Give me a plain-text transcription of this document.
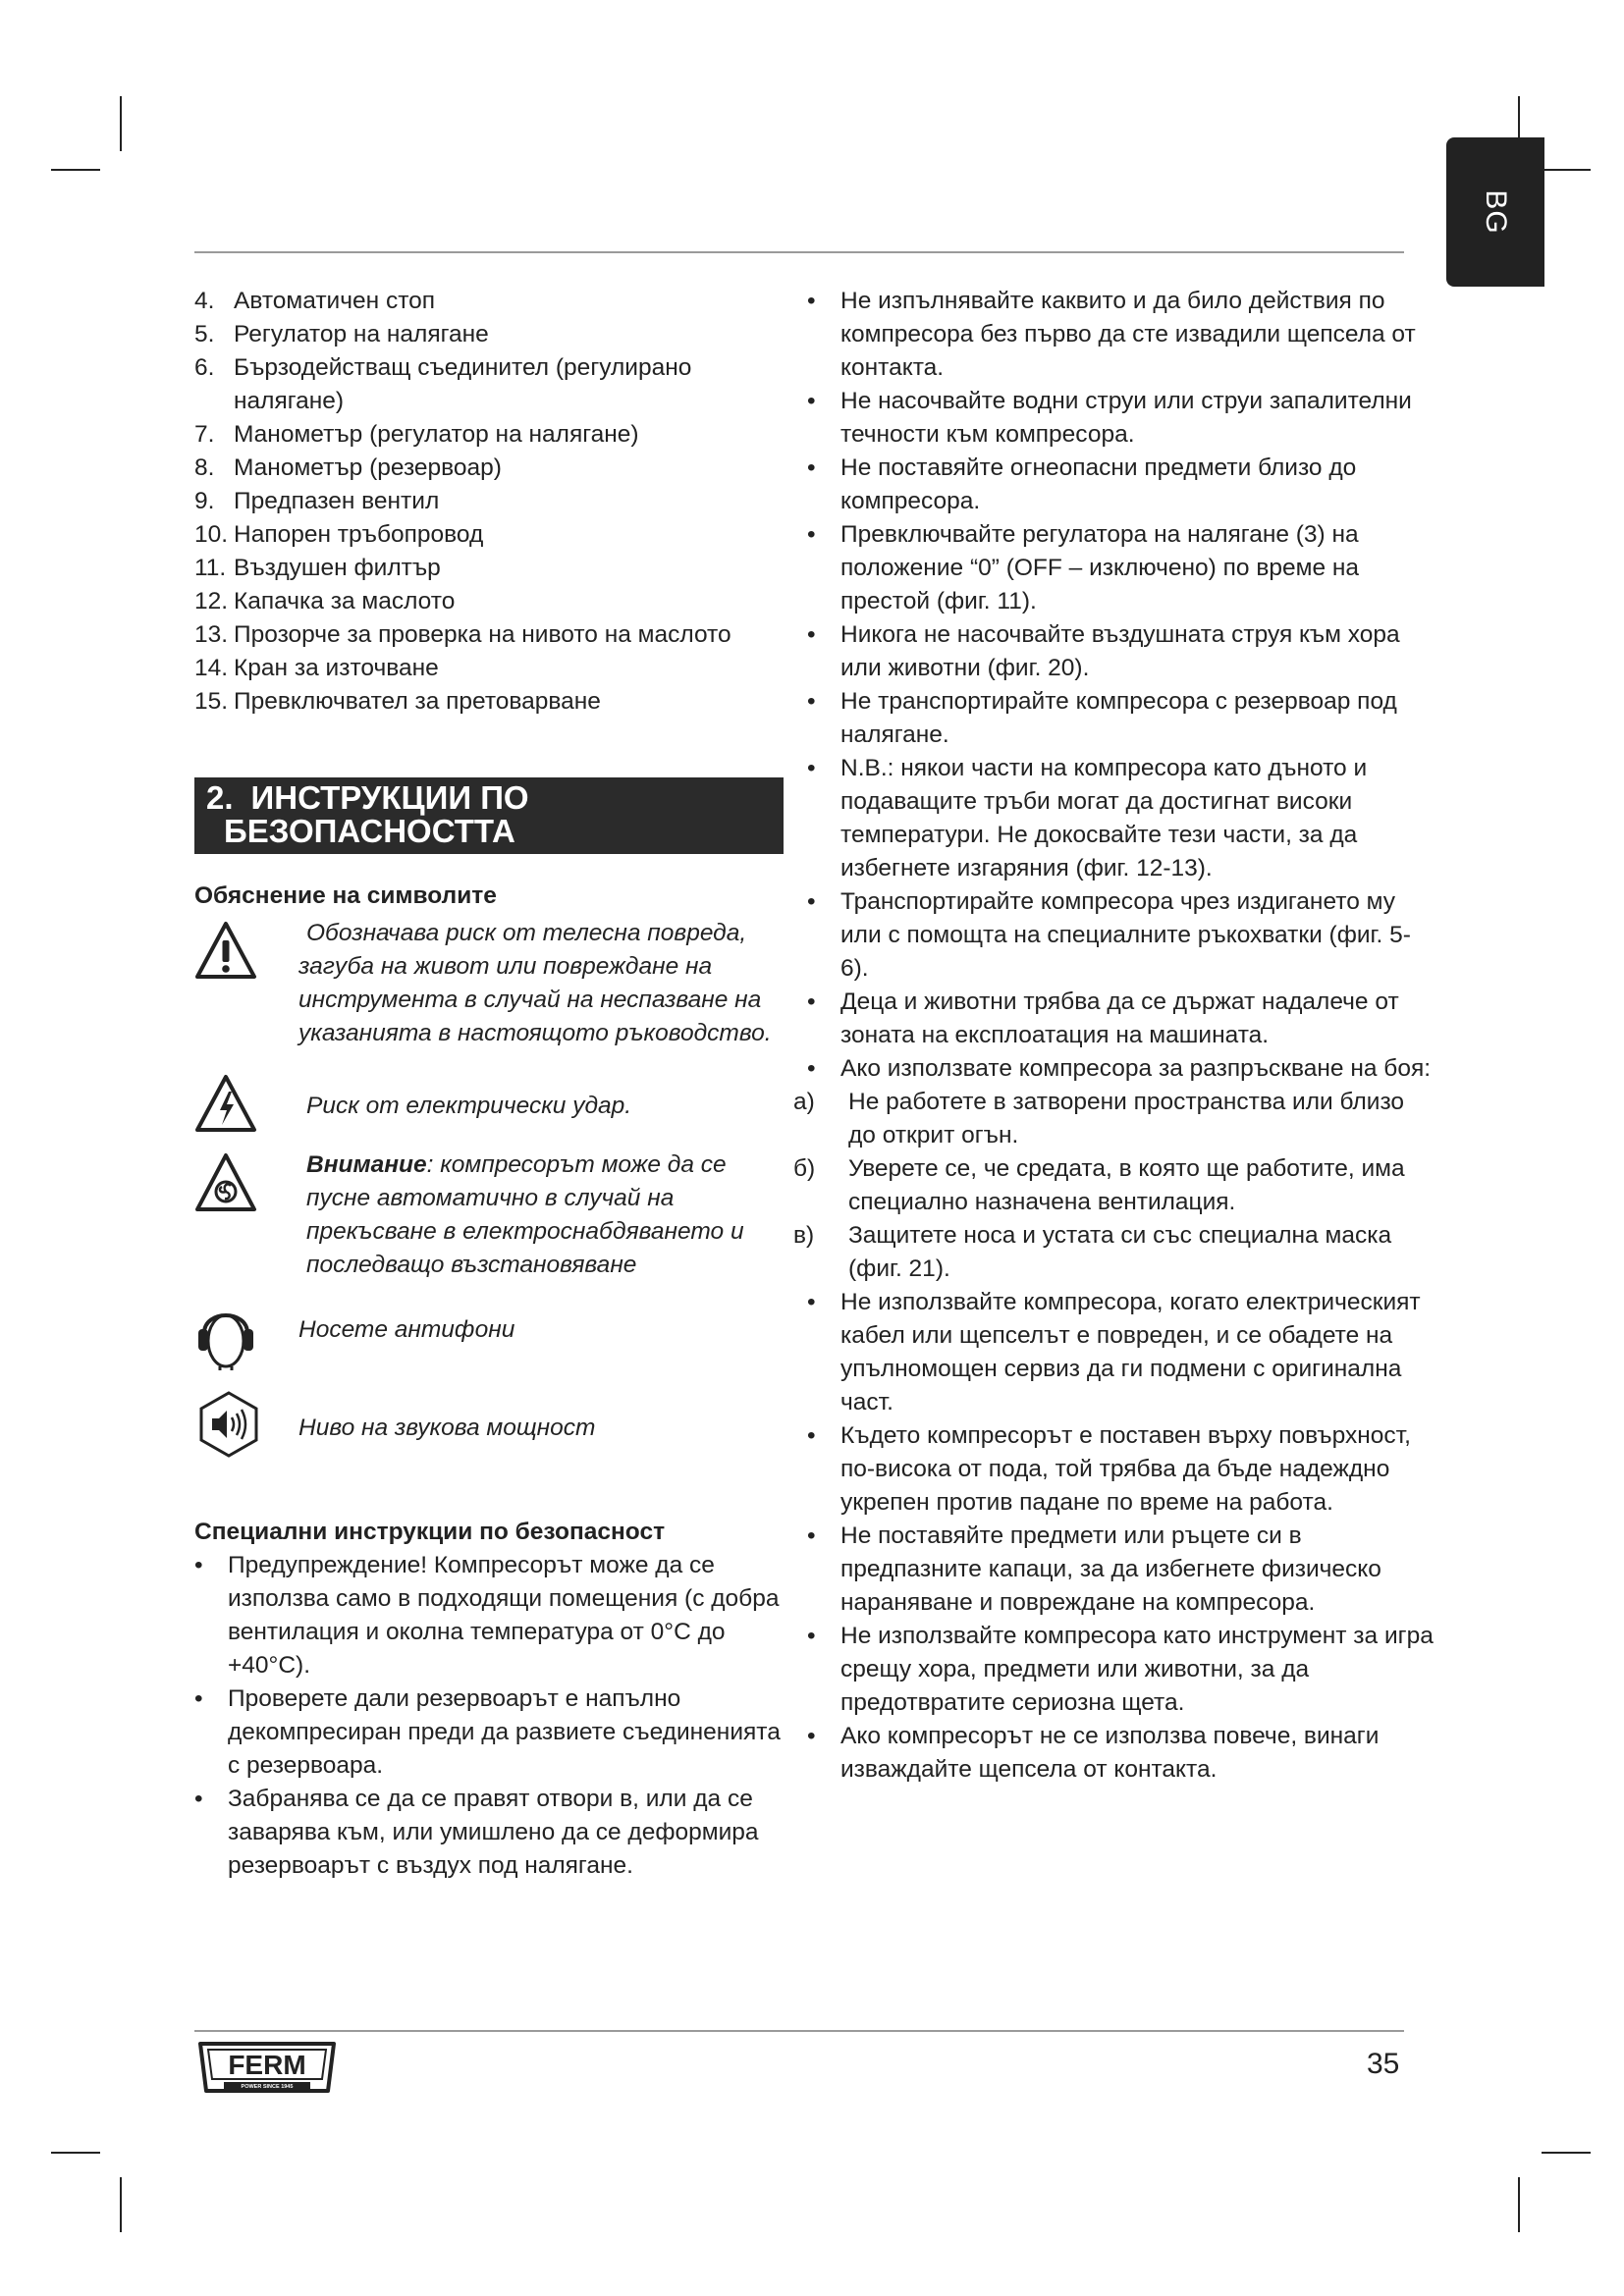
BG
4. Автоматичен стоп
5. Регулатор на налягане
6. Бързодействащ съединител (регулирано налягане)
7. Манометър (регулатор на налягане)
8. Манометър (резервоар)
9. Предпазен вентил
10. Напорен тръбопровод
11. Въздушен филтър
12. Капачка за маслото
13. Прозорче за проверка на нивото на маслото
14. Кран за източване
15. Превключвател за претоварване
2. ИНСТРУКЦИИ ПО
БЕЗОПАСНОСТТА
Обяснение на символите
Обозначава риск от телесна повреда, загуба на живот или повреждане на инструмента в случай на неспазване на указанията в настоящото ръководство.
Риск от електрически удар.
Внимание: компресорът може да се пусне автоматично в случай на прекъсване в електроснабдяването и последващо възстановяване
Носете антифони
Ниво на звукова мощност
Специални инструкции по безопасност
•	Предупреждение! Компресорът може да се използва само в подходящи помещения (с добра вентилация и околна температура от 0°C до +40°C).
•	Проверете дали резервоарът е напълно декомпресиран преди да развиете съединенията с резервоара.
•	Забранява се да се правят отвори в, или да се заварява към, или умишлено да се деформира резервоарът с въздух под налягане.
•	Не изпълнявайте каквито и да било действия по компресора без първо да сте извадили щепсела от контакта.
•	Не насочвайте водни струи или струи запалителни течности към компресора.
•	Не поставяйте огнеопасни предмети близо до компресора.
•	Превключвайте регулатора на налягане (3) на положение “0” (OFF – изключено) по време на престой (фиг. 11).
•	Никога не насочвайте въздушната струя към хора или животни (фиг. 20).
•	Не транспортирайте компресора с резервоар под налягане.
•	N.B.: някои части на компресора като дъното и подаващите тръби могат да достигнат високи температури. Не докосвайте тези части, за да избегнете изгаряния (фиг. 12-13).
•	Транспортирайте компресора чрез издигането му или с помощта на специалните ръкохватки (фиг. 5-6).
•	Деца и животни трябва да се държат надалече от зоната на експлоатация на машината.
•	Ако използвате компресора за разпръскване на боя:
а)	Не работете в затворени пространства или близо до открит огън.
б)	Уверете се, че средата, в която ще работите, има специално назначена вентилация.
в)	Защитете носа и устата си със специална маска (фиг. 21).
•	Не използвайте компресора, когато електрическият кабел или щепселът е повреден, и се обадете на упълномощен сервиз да ги подмени с оригинална част.
•	Където компресорът е поставен върху повърхност, по-висока от пода, той трябва да бъде надеждно укрепен против падане по време на работа.
•	Не поставяйте предмети или ръцете си в предпазните капаци, за да избегнете физическо нараняване и повреждане на компресора.
•	Не използвайте компресора като инструмент за игра срещу хора, предмети или животни, за да предотвратите сериозна щета.
•	Ако компресорът не се използва повече, винаги изваждайте щепсела от контакта.
FERM
POWER SINCE 1945
35
